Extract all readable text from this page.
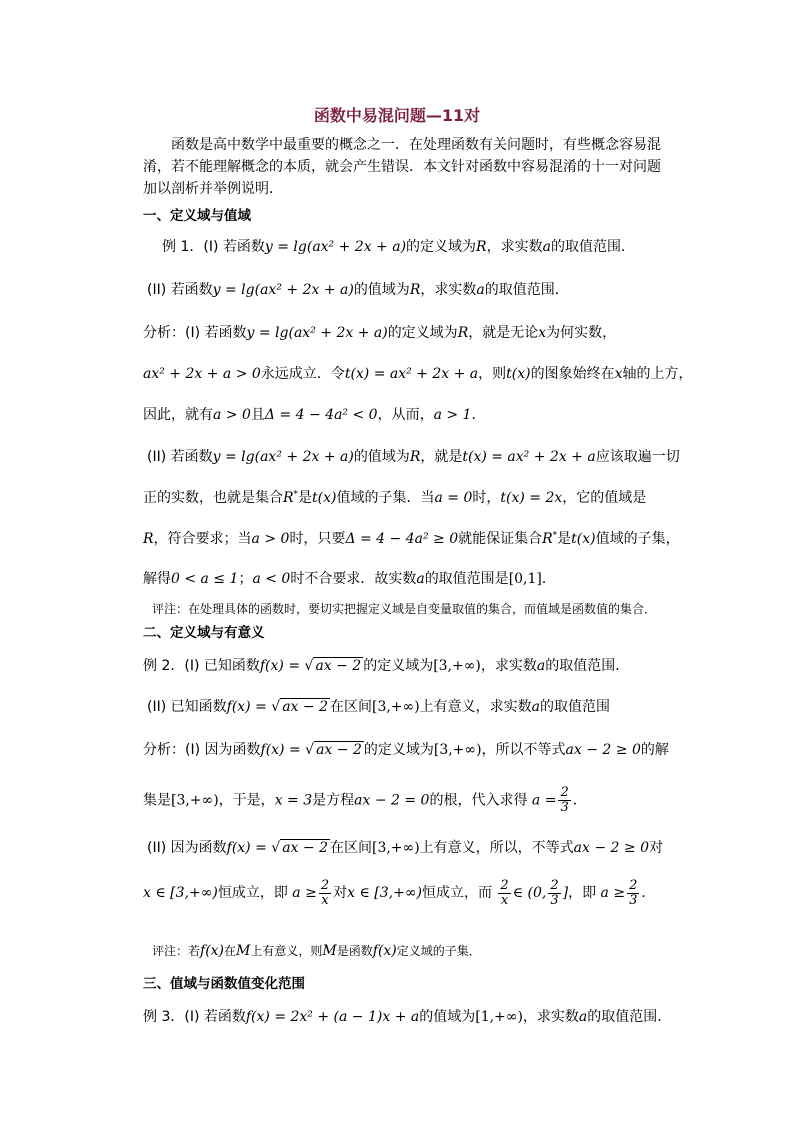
函数中易混问题—11对
函数是高中数学中最重要的概念之一．在处理函数有关问题时，有些概念容易混淆，若不能理解概念的本质，就会产生错误．本文针对函数中容易混淆的十一对问题加以剖析并举例说明．
一、定义域与值域
例 1．(I) 若函数y = lg(ax² + 2x + a)的定义域为R，求实数a的取值范围．
(II) 若函数y = lg(ax² + 2x + a)的值域为R，求实数a的取值范围．
分析：(I) 若函数y = lg(ax² + 2x + a)的定义域为R，就是无论x为何实数，
ax² + 2x + a > 0永远成立．令t(x) = ax² + 2x + a，则t(x)的图象始终在x轴的上方，
因此，就有a > 0且Δ = 4 − 4a² < 0，从而，a > 1．
(II) 若函数y = lg(ax² + 2x + a)的值域为R，就是t(x) = ax² + 2x + a应该取遍一切
正的实数，也就是集合R*是t(x)值域的子集．当a = 0时，t(x) = 2x，它的值域是
R，符合要求；当a > 0时，只要Δ = 4 − 4a² ≥ 0就能保证集合R*是t(x)值域的子集，
解得0 < a ≤ 1；a < 0时不合要求．故实数a的取值范围是[0,1]．
评注：在处理具体的函数时，要切实把握定义域是自变量取值的集合，而值域是函数值的集合．
二、定义域与有意义
例 2．(I) 已知函数f(x) = √ ax − 2 的定义域为[3,+∞)，求实数a的取值范围．
(II) 已知函数f(x) = √ ax − 2 在区间[3,+∞)上有意义，求实数a的取值范围
分析：(I) 因为函数f(x) = √ ax − 2 的定义域为[3,+∞)，所以不等式ax − 2 ≥ 0的解
集是[3,+∞)，于是，x = 3是方程ax − 2 = 0的根，代入求得 $a = \frac{2}{3}$ ．
(II) 因为函数f(x) = √ ax − 2 在区间[3,+∞)上有意义，所以，不等式ax − 2 ≥ 0对
x ∈ [3,+∞)恒成立，即 $a \ge \frac{2}{x}$ 对x ∈ [3,+∞)恒成立，而 $\frac{2}{x}$ ∈ (0, $\frac{2}{3}$ ]，即 $a \ge \frac{2}{3}$ ．
评注：若f(x)在M上有意义，则M是函数f(x)定义域的子集．
三、值域与函数值变化范围
例 3．(I) 若函数f(x) = 2x² + (a − 1)x + a的值域为[1,+∞)，求实数a的取值范围．
